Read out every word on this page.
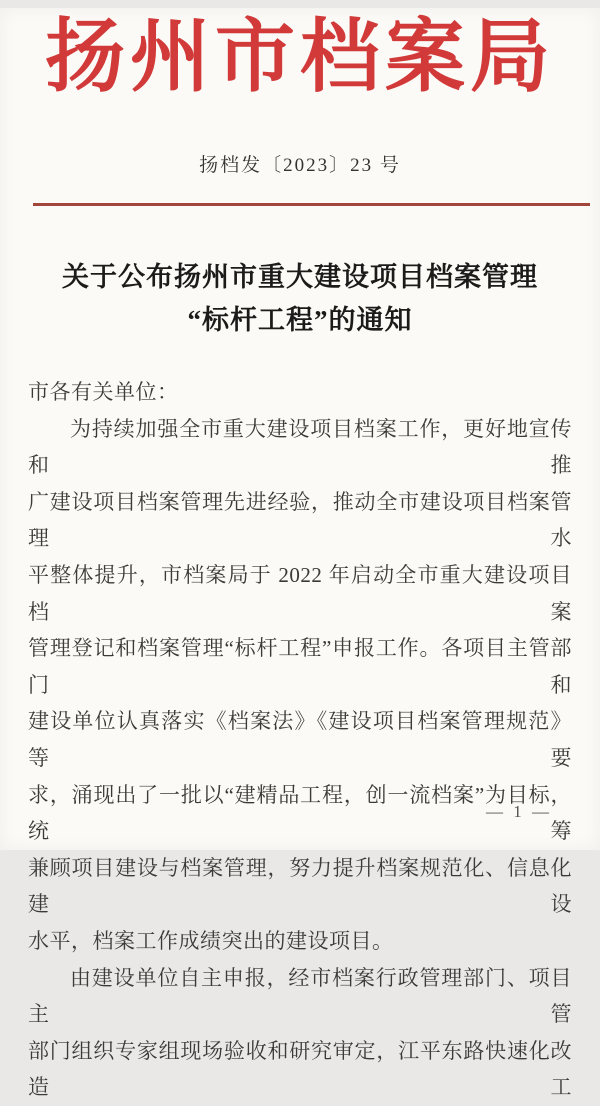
扬州市档案局
扬档发〔2023〕23 号
关于公布扬州市重大建设项目档案管理
“标杆工程”的通知
市各有关单位：
为持续加强全市重大建设项目档案工作，更好地宣传和推
广建设项目档案管理先进经验，推动全市建设项目档案管理水
平整体提升，市档案局于 2022 年启动全市重大建设项目档案
管理登记和档案管理“标杆工程”申报工作。各项目主管部门和
建设单位认真落实《档案法》《建设项目档案管理规范》等要
求，涌现出了一批以“建精品工程，创一流档案”为目标，统筹
兼顾项目建设与档案管理，努力提升档案规范化、信息化建设
水平，档案工作成绩突出的建设项目。
由建设单位自主申报，经市档案行政管理部门、项目主管
部门组织专家组现场验收和研究审定，江平东路快速化改造工
— 1 —
